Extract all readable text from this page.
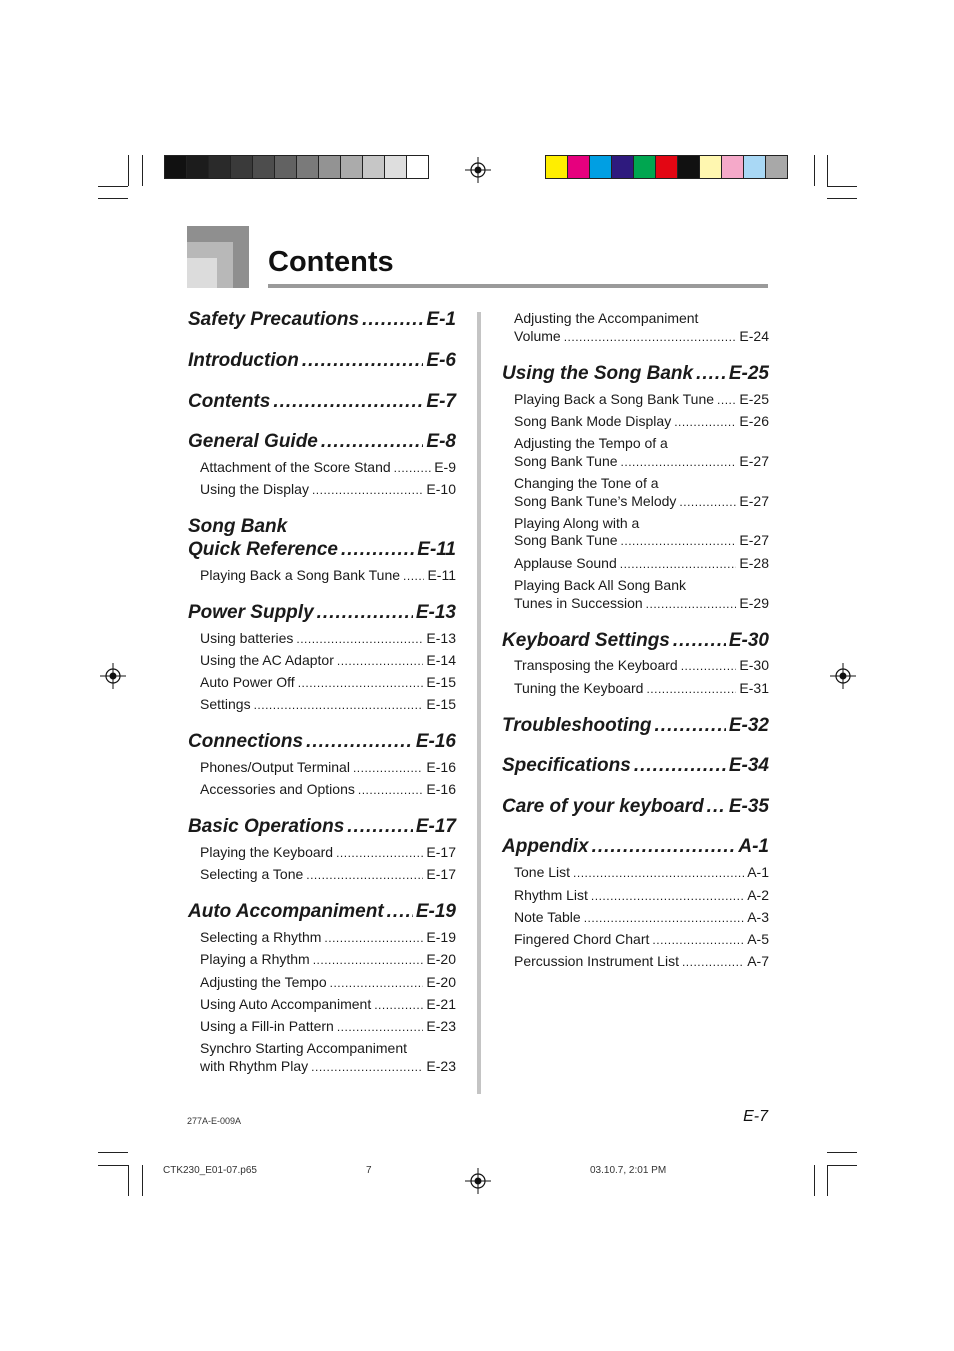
Contents
Safety Precautions .....	E-1
Introduction .....	E-6
Contents .....	E-7
General Guide .....	E-8
Attachment of the Score Stand .....	E-9
Using the Display .....	E-10
Song Bank
Quick Reference .....	E-11
Playing Back a Song Bank Tune ..... E-11
Power Supply .....	E-13
Using batteries .....	E-13
Using the AC Adaptor .....	E-14
Auto Power Off .....	E-15
Settings .....	E-15
Connections .....	E-16
Phones/Output Terminal .....	E-16
Accessories and Options .....	E-16
Basic Operations .....	E-17
Playing the Keyboard .....	E-17
Selecting a Tone .....	E-17
Auto Accompaniment ..... E-19
Selecting a Rhythm .....	E-19
Playing a Rhythm .....	E-20
Adjusting the Tempo .....	E-20
Using Auto Accompaniment .....	E-21
Using a Fill-in Pattern .....	E-23
Synchro Starting Accompaniment
with Rhythm Play .....	E-23
Adjusting the Accompaniment
Volume .....	E-24
Using the Song Bank ..... E-25
Playing Back a Song Bank Tune ..... E-25
Song Bank Mode Display .....	E-26
Adjusting the Tempo of a
Song Bank Tune .....	E-27
Changing the Tone of a
Song Bank Tune’s Melody .....	E-27
Playing Along with a
Song Bank Tune .....	E-27
Applause Sound .....	E-28
Playing Back All Song Bank
Tunes in Succession .....	E-29
Keyboard Settings .....	E-30
Transposing the Keyboard .....	E-30
Tuning the Keyboard .....	E-31
Troubleshooting .....	E-32
Specifications .....	E-34
Care of your keyboard ..... E-35
Appendix .....	A-1
Tone List .....	A-1
Rhythm List .....	A-2
Note Table .....	A-3
Fingered Chord Chart .....	A-5
Percussion Instrument List .....	A-7
277A-E-009A	E-7
CTK230_E01-07.p65	7	03.10.7, 2:01 PM
